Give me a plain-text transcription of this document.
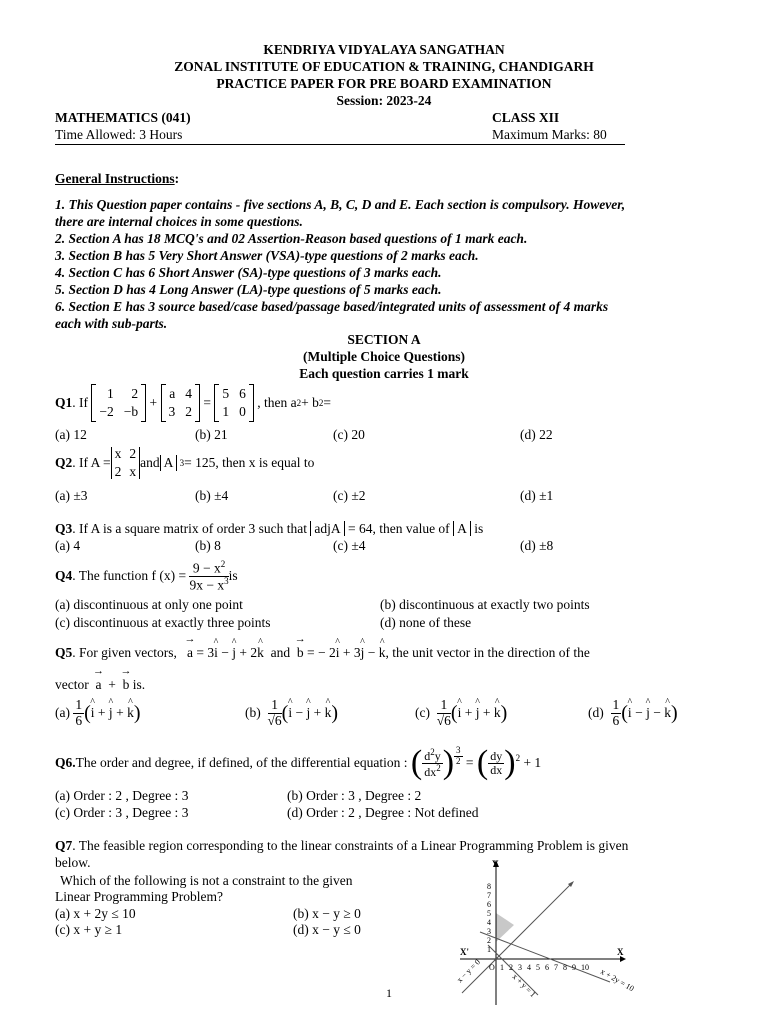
KENDRIYA VIDYALAYA SANGATHAN
ZONAL INSTITUTE OF EDUCATION & TRAINING, CHANDIGARH
PRACTICE PAPER FOR PRE BOARD EXAMINATION
Session: 2023-24
MATHEMATICS (041)	CLASS XII
Time Allowed: 3 Hours	Maximum Marks: 80
General Instructions:
1. This Question paper contains - five sections A, B, C, D and E. Each section is compulsory. However,
there are internal choices in some questions.
2. Section A has 18 MCQ's and 02 Assertion-Reason based questions of 1 mark each.
3. Section B has 5 Very Short Answer (VSA)-type questions of 2 marks each.
4. Section C has 6 Short Answer (SA)-type questions of 3 marks each.
5. Section D has 4 Long Answer (LA)-type questions of 5 marks each.
6. Section E has 3 source based/case based/passage based/integrated units of assessment of 4 marks
each with sub-parts.
SECTION A
(Multiple Choice Questions)
Each question carries 1 mark
Q1 . If

1	2
−2 −b
+
a 4
3 2
=
5 6
1 0

, then a 2 + b 2 =
(a) 12	(b) 21	(c) 20	(d) 22
Q2 . If A =
x 2
2 x
and A 3 = 125, then x is equal to
(a) ±3	(b) ±4	(c) ±2	(d) ±1
Q3. If A is a square matrix of order 3 such that adjA = 64, then value of A is
(a) 4	(b) 8	(c) ±4	(d) ±8
Q4 . The function f (x) =
$\frac{9 - x^2}{9x - x^3}$ is
(a) discontinuous at only one point	(b) discontinuous at exactly two points
(c) discontinuous at exactly three points	(d) none of these
Q5. For given vectors, → a = 3^ i − ^ j + 2^ k and → b = − 2^ i + 3^ j − ^ k, the unit vector in the direction of the
vector → a  +  → b is.
(a)
$\frac{1}{6}$ ( ^ i + ^ j + ^ k )	(b)
$\frac{1}{√6}$ ( ^ i − ^ j + ^ k )	(c)
$\frac{1}{√6}$ ( ^ i + ^ j + ^ k )	(d)
$\frac{1}{6}$ ( ^ i − ^ j − ^ k )
Q6. The order and degree, if defined, of the differential equation :
( $\frac{d^2y}{dx^2}$ ) $\frac{3}{2}$ = ( $\frac{dy}{dx} )^2 + 1$
(a) Order : 2 , Degree : 3	(b) Order : 3 , Degree : 2
(c) Order : 3 , Degree : 3	(d) Order : 2 , Degree : Not defined
Q7. The feasible region corresponding to the linear constraints of a Linear Programming Problem is given
below.
Which of the following is not a constraint to the given
Linear Programming Problem?
(a) x + 2y ≤ 10	(b) x − y ≥ 0
(c) x + y ≥ 1	(d) x − y ≤ 0
Y
X
X'
8
7
6
5
4
3
2
1
O 1 2 3 4 5 6 7 8 9 10
x − y = 0
x + y = 1	x + 2y = 10
1
